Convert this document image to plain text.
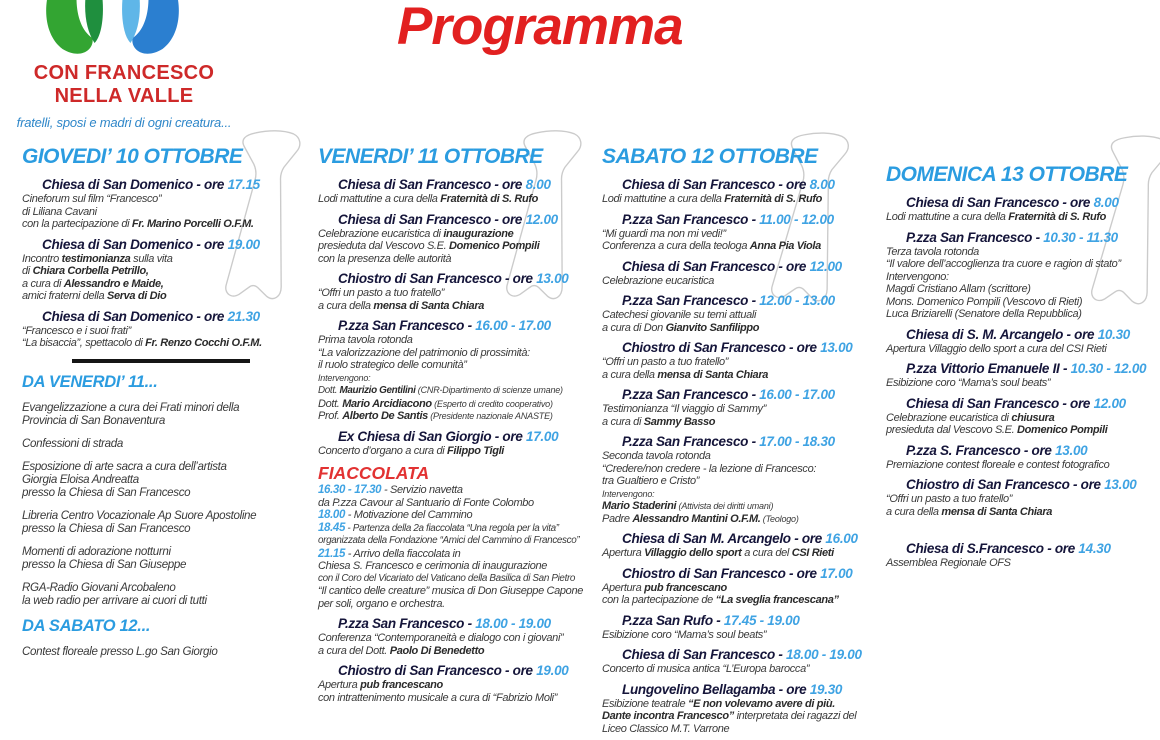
CON FRANCESCO
NELLA VALLE
fratelli, sposi e madri di ogni creatura...
Programma
GIOVEDI’ 10 OTTOBRE
Chiesa di San Domenico - ore 17.15
Cineforum sul film “Francesco”
di Liliana Cavani
con la partecipazione di Fr. Marino Porcelli O.F.M.
Chiesa di San Domenico - ore 19.00
Incontro testimonianza sulla vita
di Chiara Corbella Petrillo,
a cura di Alessandro e Maide,
amici fraterni della Serva di Dio
Chiesa di San Domenico - ore 21.30
“Francesco e i suoi frati”
“La bisaccia”, spettacolo di Fr. Renzo Cocchi O.F.M.
DA VENERDI’ 11...
Evangelizzazione a cura dei Frati minori della
Provincia di San Bonaventura
Confessioni di strada
Esposizione di arte sacra a cura dell’artista
Giorgia Eloisa Andreatta
presso la Chiesa di San Francesco
Libreria Centro Vocazionale Ap Suore Apostoline
presso la Chiesa di San Francesco
Momenti di adorazione notturni
presso la Chiesa di San Giuseppe
RGA-Radio Giovani Arcobaleno
la web radio per arrivare ai cuori di tutti
DA SABATO 12...
Contest floreale presso L.go San Giorgio
VENERDI’ 11 OTTOBRE
Chiesa di San Francesco - ore 8.00
Lodi mattutine a cura della Fraternità di S. Rufo
Chiesa di San Francesco - ore 12.00
Celebrazione eucaristica di inaugurazione
presieduta dal Vescovo S.E. Domenico Pompili
con la presenza delle autorità
Chiostro di San Francesco - ore 13.00
“Offri un pasto a tuo fratello”
a cura della mensa di Santa Chiara
P.zza San Francesco - 16.00 - 17.00
Prima tavola rotonda
“La valorizzazione del patrimonio di prossimità:
il ruolo strategico delle comunità”
Intervengono:
Dott. Maurizio Gentilini (CNR-Dipartimento di scienze umane)
Dott. Mario Arcidiacono (Esperto di credito cooperativo)
Prof. Alberto De Santis (Presidente nazionale ANASTE)
Ex Chiesa di San Giorgio - ore 17.00
Concerto d’organo a cura di Filippo Tigli
FIACCOLATA
16.30 - 17.30 - Servizio navetta
da P.zza Cavour al Santuario di Fonte Colombo
18.00 - Motivazione del Cammino
18.45 - Partenza della 2a fiaccolata “Una regola per la vita”
organizzata della Fondazione “Amici del Cammino di Francesco”
21.15 - Arrivo della fiaccolata in
Chiesa S. Francesco e cerimonia di inaugurazione
con il Coro del Vicariato del Vaticano della Basilica di San Pietro
“Il cantico delle creature” musica di Don Giuseppe Capone
per soli, organo e orchestra.
P.zza San Francesco - 18.00 - 19.00
Conferenza “Contemporaneità e dialogo con i giovani”
a cura del Dott. Paolo Di Benedetto
Chiostro di San Francesco - ore 19.00
Apertura pub francescano
con intrattenimento musicale a cura di “Fabrizio Moli”
SABATO 12 OTTOBRE
Chiesa di San Francesco - ore 8.00
Lodi mattutine a cura della Fraternità di S. Rufo
P.zza San Francesco - 11.00 - 12.00
“Mi guardi ma non mi vedi!”
Conferenza a cura della teologa Anna Pia Viola
Chiesa di San Francesco - ore 12.00
Celebrazione eucaristica
P.zza San Francesco - 12.00 - 13.00
Catechesi giovanile su temi attuali
a cura di Don Gianvito Sanfilippo
Chiostro di San Francesco - ore 13.00
“Offri un pasto a tuo fratello”
a cura della mensa di Santa Chiara
P.zza San Francesco - 16.00 - 17.00
Testimonianza “Il viaggio di Sammy”
a cura di Sammy Basso
P.zza San Francesco - 17.00 - 18.30
Seconda tavola rotonda
“Credere/non credere - la lezione di Francesco:
tra Gualtiero e Cristo”
Intervengono:
Mario Staderini (Attivista dei diritti umani)
Padre Alessandro Mantini O.F.M. (Teologo)
Chiesa di San M. Arcangelo - ore 16.00
Apertura Villaggio dello sport a cura del CSI Rieti
Chiostro di San Francesco - ore 17.00
Apertura pub francescano
con la partecipazione de “La sveglia francescana”
P.zza San Rufo - 17.45 - 19.00
Esibizione coro “Mama’s soul beats”
Chiesa di San Francesco - 18.00 - 19.00
Concerto di musica antica “L’Europa barocca”
Lungovelino Bellagamba - ore 19.30
Esibizione teatrale “E non volevamo avere di più.
Dante incontra Francesco” interpretata dei ragazzi del
Liceo Classico M.T. Varrone
DOMENICA 13 OTTOBRE
Chiesa di San Francesco - ore 8.00
Lodi mattutine a cura della Fraternità di S. Rufo
P.zza San Francesco - 10.30 - 11.30
Terza tavola rotonda
“Il valore dell’accoglienza tra cuore e ragion di stato”
Intervengono:
Magdi Cristiano Allam (scrittore)
Mons. Domenico Pompili (Vescovo di Rieti)
Luca Briziarelli (Senatore della Repubblica)
Chiesa di S. M. Arcangelo - ore 10.30
Apertura Villaggio dello sport a cura del CSI Rieti
P.zza Vittorio Emanuele II - 10.30 - 12.00
Esibizione coro “Mama’s soul beats”
Chiesa di San Francesco - ore 12.00
Celebrazione eucaristica di chiusura
presieduta dal Vescovo S.E. Domenico Pompili
P.zza S. Francesco - ore 13.00
Premiazione contest floreale e contest fotografico
Chiostro di San Francesco - ore 13.00
“Offri un pasto a tuo fratello”
a cura della mensa di Santa Chiara
Chiesa di S.Francesco - ore 14.30
Assemblea Regionale OFS
